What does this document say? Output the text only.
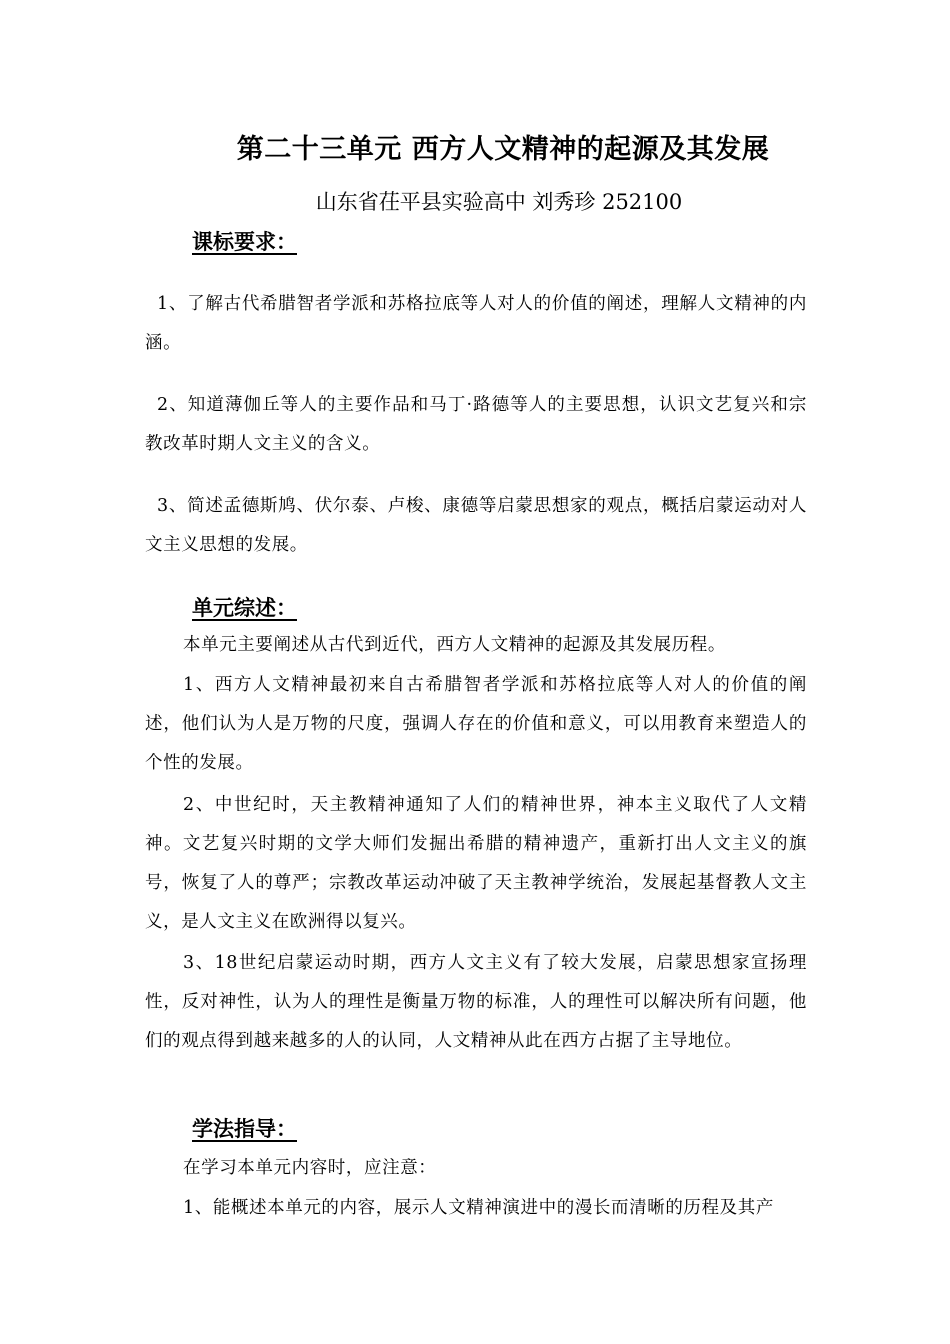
第二十三单元 西方人文精神的起源及其发展
山东省茌平县实验高中 刘秀珍 252100
课标要求：
1、了解古代希腊智者学派和苏格拉底等人对人的价值的阐述，理解人文精神的内涵。
2、知道薄伽丘等人的主要作品和马丁·路德等人的主要思想，认识文艺复兴和宗教改革时期人文主义的含义。
3、简述孟德斯鸠、伏尔泰、卢梭、康德等启蒙思想家的观点，概括启蒙运动对人文主义思想的发展。
单元综述：
本单元主要阐述从古代到近代，西方人文精神的起源及其发展历程。
1、西方人文精神最初来自古希腊智者学派和苏格拉底等人对人的价值的阐述，他们认为人是万物的尺度，强调人存在的价值和意义，可以用教育来塑造人的个性的发展。
2、中世纪时，天主教精神通知了人们的精神世界，神本主义取代了人文精神。文艺复兴时期的文学大师们发掘出希腊的精神遗产，重新打出人文主义的旗号，恢复了人的尊严；宗教改革运动冲破了天主教神学统治，发展起基督教人文主义，是人文主义在欧洲得以复兴。
3、18世纪启蒙运动时期，西方人文主义有了较大发展，启蒙思想家宣扬理性，反对神性，认为人的理性是衡量万物的标准，人的理性可以解决所有问题，他们的观点得到越来越多的人的认同，人文精神从此在西方占据了主导地位。
学法指导：
在学习本单元内容时，应注意：
1、能概述本单元的内容，展示人文精神演进中的漫长而清晰的历程及其产
